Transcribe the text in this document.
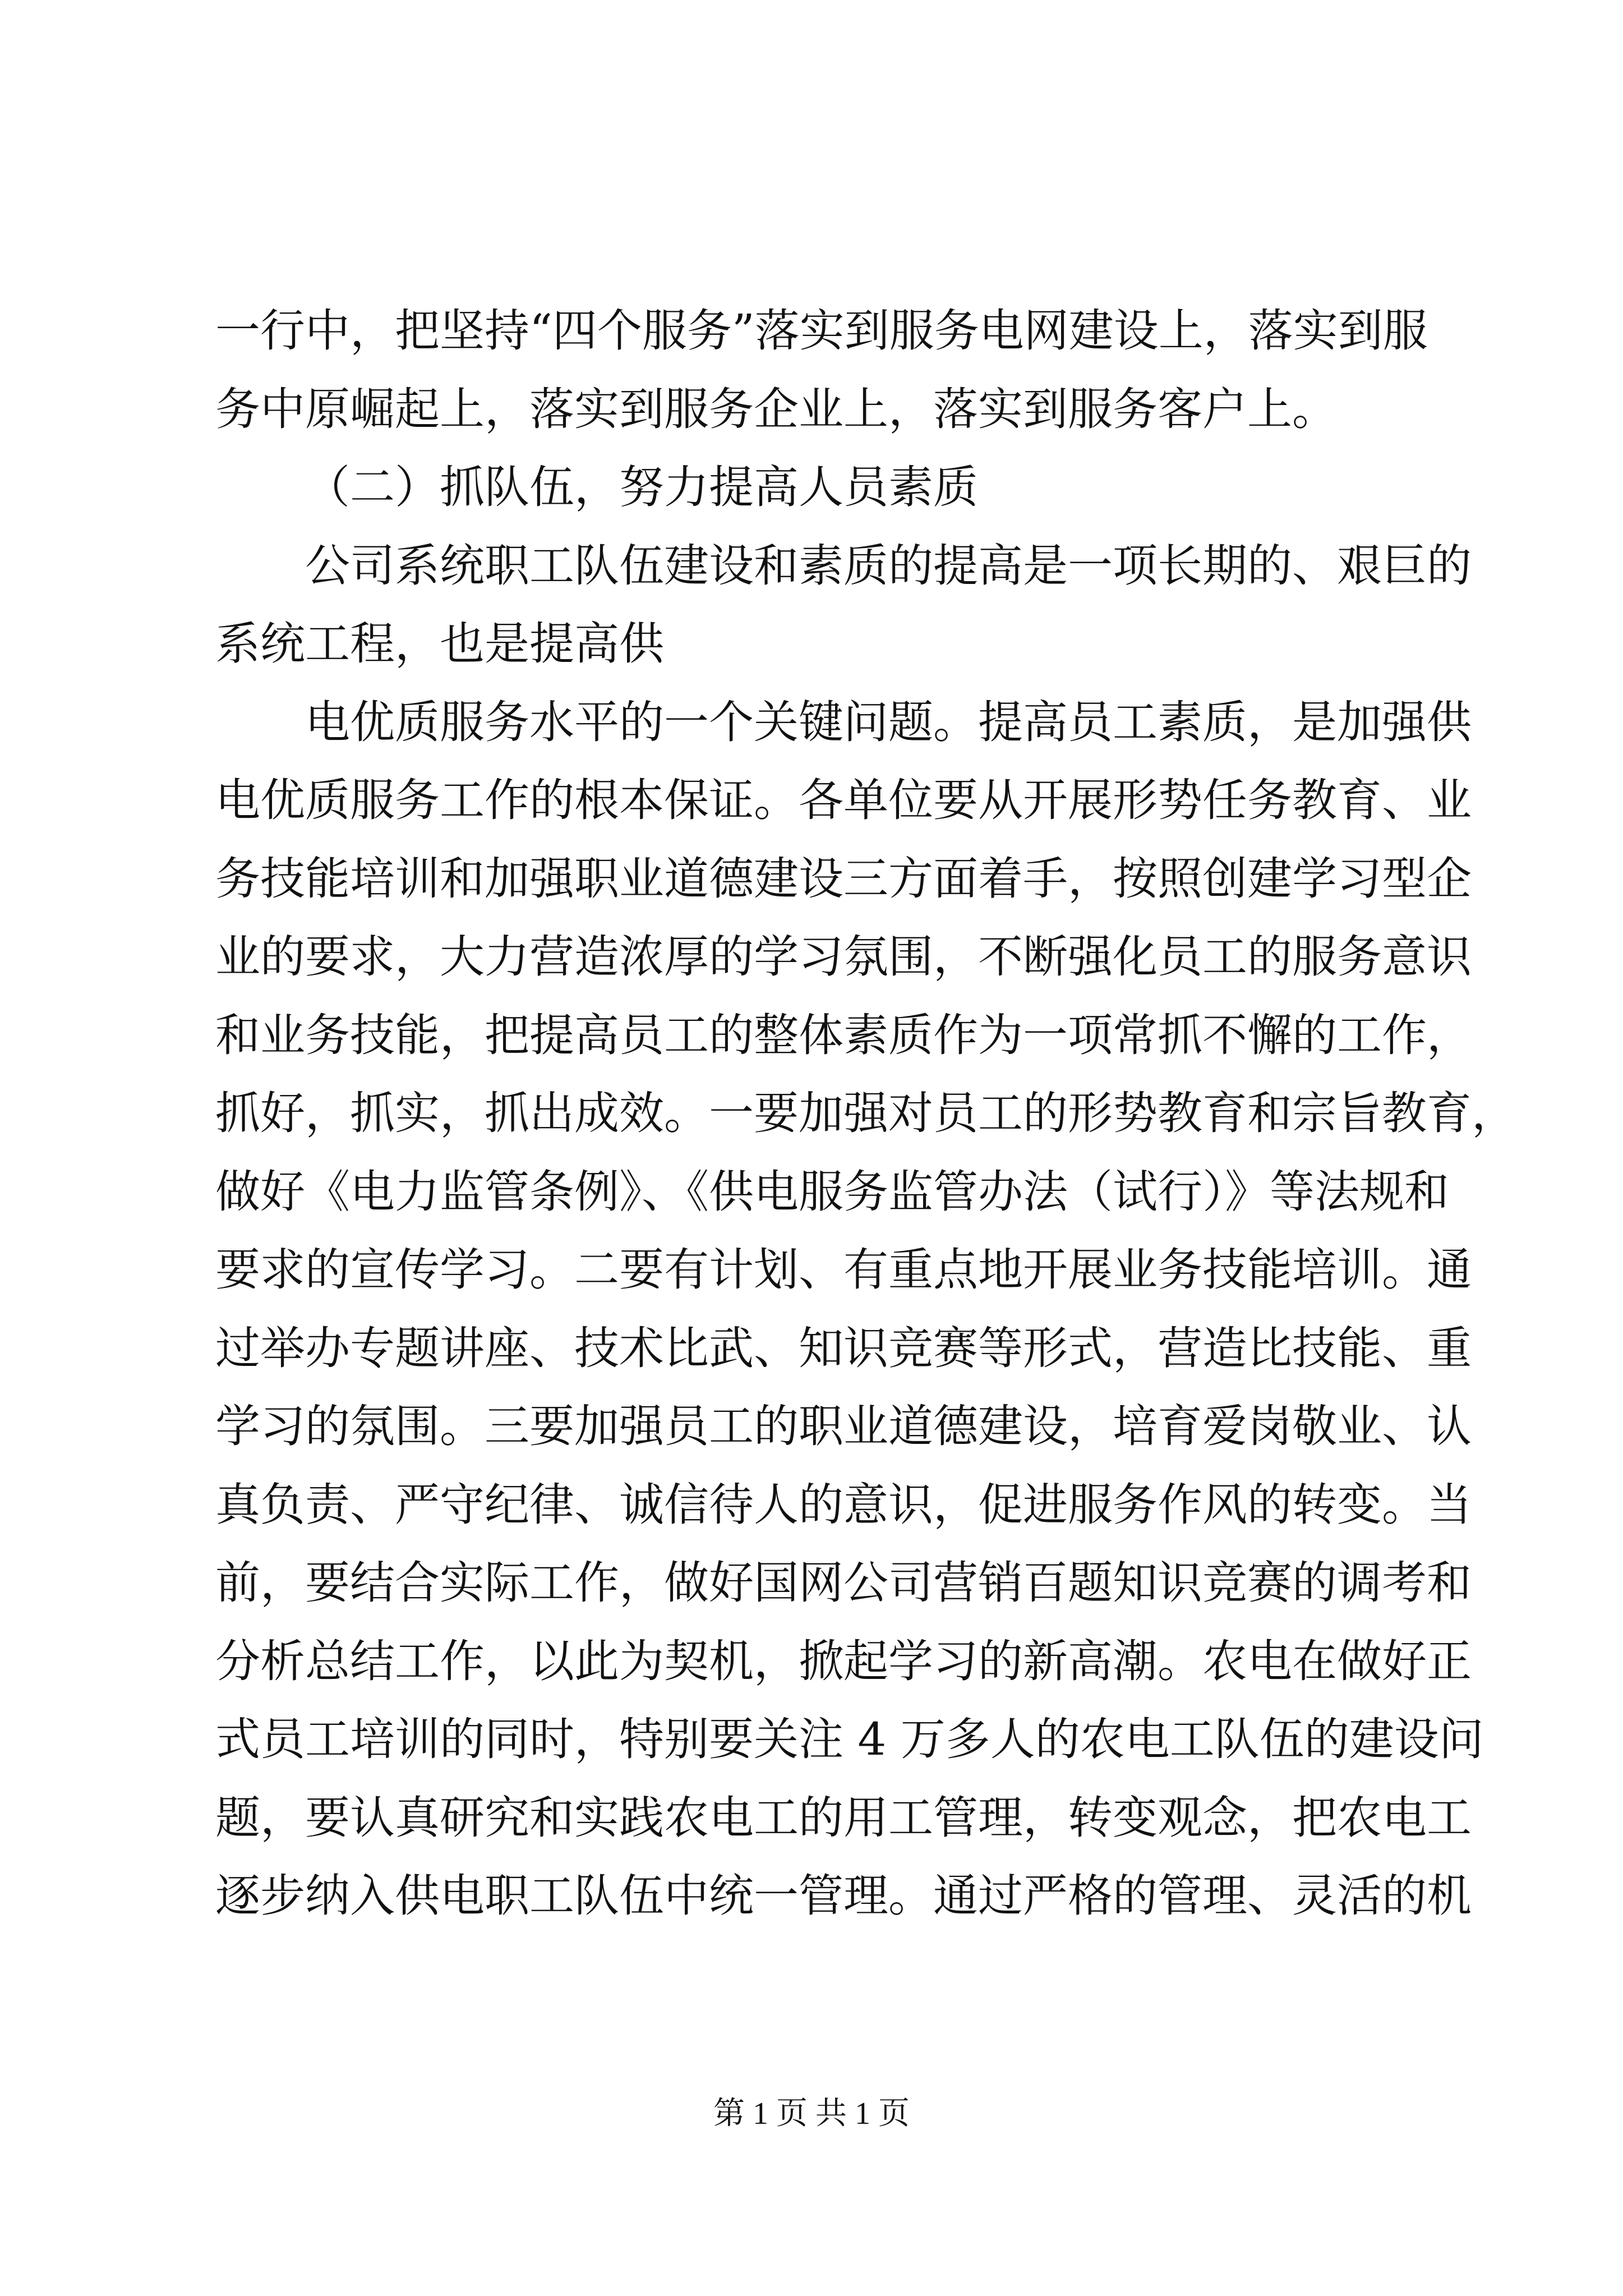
一行中，把坚持“四个服务”落实到服务电网建设上，落实到服
务中原崛起上，落实到服务企业上，落实到服务客户上。
（二）抓队伍，努力提高人员素质
公司系统职工队伍建设和素质的提高是一项长期的、艰巨的
系统工程，也是提高供
电优质服务水平的一个关键问题。提高员工素质，是加强供
电优质服务工作的根本保证。各单位要从开展形势任务教育、业
务技能培训和加强职业道德建设三方面着手，按照创建学习型企
业的要求，大力营造浓厚的学习氛围，不断强化员工的服务意识
和业务技能，把提高员工的整体素质作为一项常抓不懈的工作，
抓好，抓实，抓出成效。一要加强对员工的形势教育和宗旨教育，
做好《电力监管条例》、《供电服务监管办法（试行）》等法规和
要求的宣传学习。二要有计划、有重点地开展业务技能培训。通
过举办专题讲座、技术比武、知识竞赛等形式，营造比技能、重
学习的氛围。三要加强员工的职业道德建设，培育爱岗敬业、认
真负责、严守纪律、诚信待人的意识，促进服务作风的转变。当
前，要结合实际工作，做好国网公司营销百题知识竞赛的调考和
分析总结工作，以此为契机，掀起学习的新高潮。农电在做好正
式员工培训的同时，特别要关注 4 万多人的农电工队伍的建设问
题，要认真研究和实践农电工的用工管理，转变观念，把农电工
逐步纳入供电职工队伍中统一管理。通过严格的管理、灵活的机
第 1 页 共 1 页
